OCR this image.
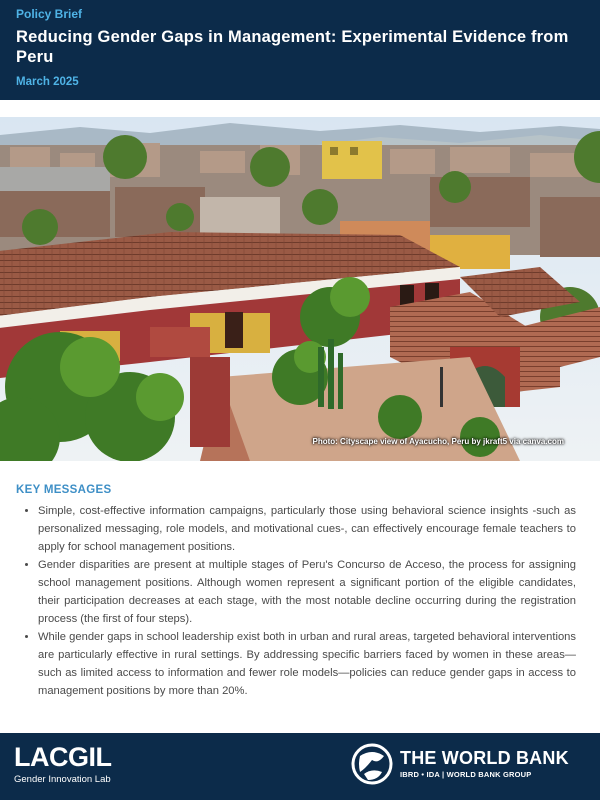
Policy Brief
Reducing Gender Gaps in Management: Experimental Evidence from Peru
March 2025
Photo: Cityscape view of Ayacucho, Peru by jkraft5 via canva.com
KEY MESSAGES
• Simple, cost-effective information campaigns, particularly those using behavioral science insights -such as personalized messaging, role models, and motivational cues-, can effectively encourage female teachers to apply for school management positions.
• Gender disparities are present at multiple stages of Peru's Concurso de Acceso, the process for assigning school management positions. Although women represent a significant portion of the eligible candidates, their participation decreases at each stage, with the most notable decline occurring during the registration process (the first of four steps).
• While gender gaps in school leadership exist both in urban and rural areas, targeted behavioral interventions are particularly effective in rural settings. By addressing specific barriers faced by women in these areas—such as limited access to information and fewer role models—policies can reduce gender gaps in access to management positions by more than 20%.
LACGIL
Gender Innovation Lab
THE WORLD BANK
IBRD • IDA | WORLD BANK GROUP
